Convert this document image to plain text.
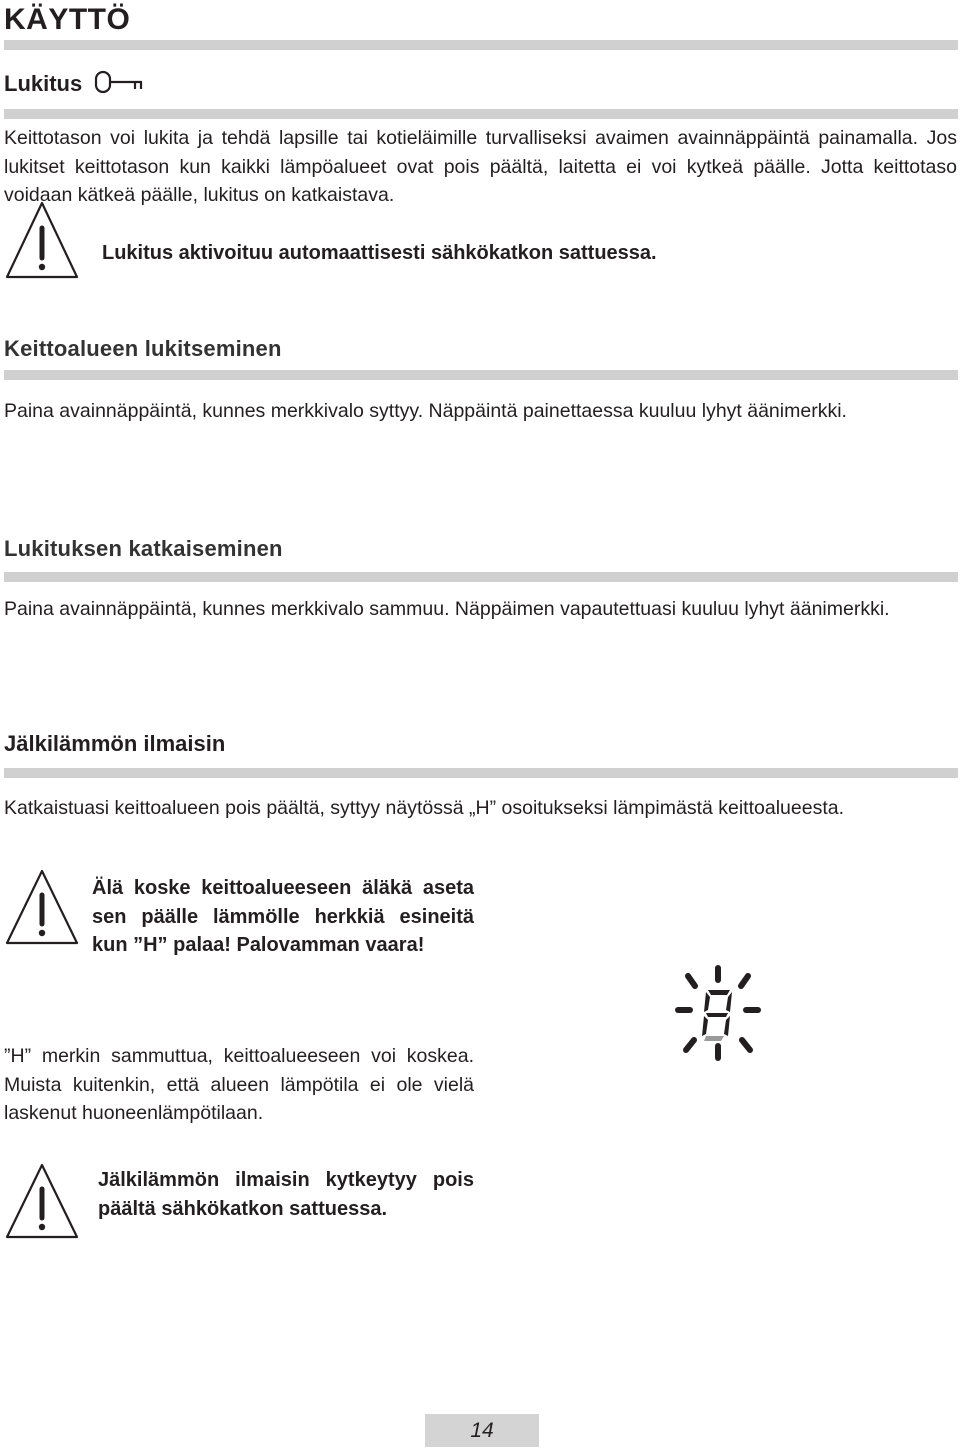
KÄYTTÖ
Lukitus
Keittotason voi lukita ja tehdä lapsille tai kotieläimille turvalliseksi avaimen avainnäppäintä painamalla. Jos lukitset keittotason kun kaikki lämpöalueet ovat pois päältä, laitetta ei voi kytkeä päälle. Jotta keittotaso voidaan kätkeä päälle, lukitus on katkaistava.
Lukitus aktivoituu automaattisesti sähkökatkon sattuessa.
Keittoalueen lukitseminen
Paina avainnäppäintä, kunnes merkkivalo syttyy. Näppäintä painettaessa kuuluu lyhyt äänimerkki.
Lukituksen katkaiseminen
Paina avainnäppäintä, kunnes merkkivalo sammuu. Näppäimen vapautettuasi kuuluu lyhyt äänimerkki.
Jälkilämmön ilmaisin
Katkaistuasi keittoalueen pois päältä, syttyy näytössä „H” osoitukseksi lämpimästä keittoalueesta.
Älä koske keittoalueeseen äläkä aseta sen päälle lämmölle herkkiä esineitä kun ”H” palaa! Palovamman vaara!
”H” merkin sammuttua, keittoalueeseen voi koskea. Muista kuitenkin, että alueen lämpötila ei ole vielä laskenut huoneenlämpötilaan.
Jälkilämmön ilmaisin kytkeytyy pois päältä sähkökatkon sattuessa.
14
